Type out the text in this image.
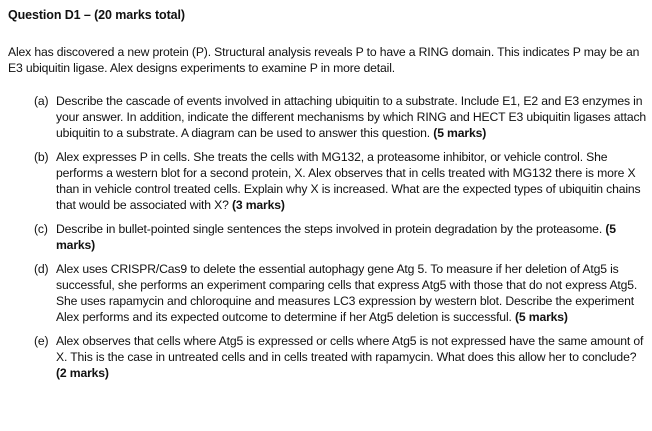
Question D1 – (20 marks total)
Alex has discovered a new protein (P). Structural analysis reveals P to have a RING domain. This indicates P may be an E3 ubiquitin ligase. Alex designs experiments to examine P in more detail.
(a) Describe the cascade of events involved in attaching ubiquitin to a substrate. Include E1, E2 and E3 enzymes in your answer. In addition, indicate the different mechanisms by which RING and HECT E3 ubiquitin ligases attach ubiquitin to a substrate. A diagram can be used to answer this question. (5 marks)
(b) Alex expresses P in cells. She treats the cells with MG132, a proteasome inhibitor, or vehicle control. She performs a western blot for a second protein, X. Alex observes that in cells treated with MG132 there is more X than in vehicle control treated cells. Explain why X is increased. What are the expected types of ubiquitin chains that would be associated with X? (3 marks)
(c) Describe in bullet-pointed single sentences the steps involved in protein degradation by the proteasome. (5 marks)
(d) Alex uses CRISPR/Cas9 to delete the essential autophagy gene Atg 5. To measure if her deletion of Atg5 is successful, she performs an experiment comparing cells that express Atg5 with those that do not express Atg5. She uses rapamycin and chloroquine and measures LC3 expression by western blot. Describe the experiment Alex performs and its expected outcome to determine if her Atg5 deletion is successful. (5 marks)
(e) Alex observes that cells where Atg5 is expressed or cells where Atg5 is not expressed have the same amount of X. This is the case in untreated cells and in cells treated with rapamycin. What does this allow her to conclude? (2 marks)
